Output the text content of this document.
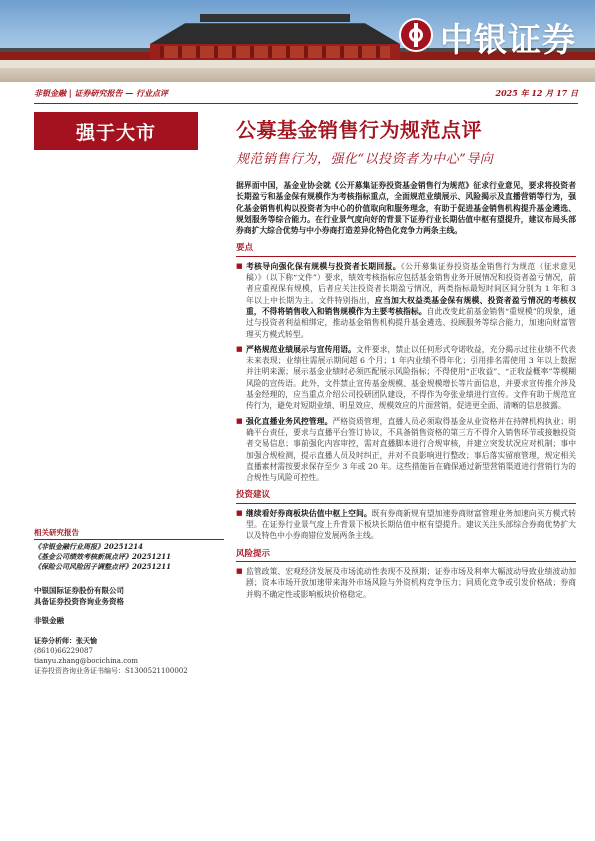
中银证券
非银金融 | 证券研究报告 — 行业点评	2025 年 12 月 17 日
强于大市	公募基金销售行为规范点评
规范销售行为，强化“以投资者为中心”导向

据界面中国，基金业协会就《公开募集证券投资基金销售行为规范》征求行业意见，要求将投资者长期盈亏和基金保有规模作为考核指标重点，全面规范业绩展示、风险揭示及直播营销等行为，强化基金销售机构以投资者为中心的价值取向和服务理念，有助于促进基金销售机构提升基金遴选、规划服务等综合能力。在行业景气度向好的背景下证券行业长期估值中枢有望提升，建议布局头部券商扩大综合优势与中小券商打造差异化特色化竞争力两条主线。

要点
■ 考核导向强化保有规模与投资者长期回报。《公开募集证券投资基金销售行为规范（征求意见稿）》（以下称“文件”）要求，绩效考核指标应包括基金销售业务开展情况和投资者盈亏情况，前者应重视保有规模，后者应关注投资者长期盈亏情况，两类指标最短时间区间分别为 1 年和 3 年以上中长期为主。文件特别指出，应当加大权益类基金保有规模、投资者盈亏情况的考核权重，不得将销售收入和销售规模作为主要考核指标。自此改变此前基金销售“重规模”的现象，通过与投资者利益相绑定，推动基金销售机构提升基金遴选、投顾服务等综合能力，加速向财富管理买方模式转型。

■ 严格规范业绩展示与宣传用语。文件要求，禁止以任何形式夸诺收益，充分揭示过往业绩不代表未来表现；业绩往需展示期间超 6 个月；1 年内业绩不得年化；引用排名需使用 3 年以上数据并注明来源；展示基金业绩时必须匹配展示风险指标；不得使用“正收益”、“正收益概率”等模糊风险的宣传语。此外，文件禁止宣传基金规模、基金规模增长等片面信息，并要求宣传推介涉及基金经理的，应当重点介绍公司投研团队建设，不得作为夸张业绩进行宣传。文件有助于规范宣传行为，避免对短期业绩、明星效应、规模效应的片面营销，促进更全面、清晰的信息披露。

■ 强化直播业务风控管理。严格资质管理，直播人员必须取得基金从业资格并在持牌机构执业；明确平台责任，要求与直播平台签订协议，不具备销售资格的第三方不得介入销售环节或接触投资者交易信息；事前强化内容审控，需对直播脚本进行合规审核，并建立突发状况应对机制；事中加强合规检测，提示直播人员及时纠正，并对不良影响进行整改；事后落实留痕管理，规定相关直播素材需按要求保存至少 3 年或 20 年。这些措施旨在确保通过新型营销渠道进行营销行为的合规性与风险可控性。

投资建议
■ 继续看好券商板块估值中枢上空间。既有券商新规有望加速券商财富管理业务加速向买方模式转型。在证券行业景气度上升背景下板块长期估值中枢有望提升。建议关注头部综合券商优势扩大以及特色中小券商错位发展两条主线。

风险提示
■ 监管政策、宏观经济发展及市场流动性表现不及预期；证券市场及利率大幅波动导致业绩波动加剧；资本市场开放加速带来海外市场风险与外资机构竞争压力；同质化竞争或引发价格战；券商并购不确定性或影响板块价格稳定。

相关研究报告
《非银金融行业周报》20251214
《基金公司绩效考核新规点评》20251211
《保险公司风险因子调整点评》20251211
中银国际证券股份有限公司
具备证券投资咨询业务资格
非银金融
证券分析师：张天愉
(8610)66229087
tianyu.zhang@bocichina.com
证券投资咨询业务证书编号：S1300521100002
